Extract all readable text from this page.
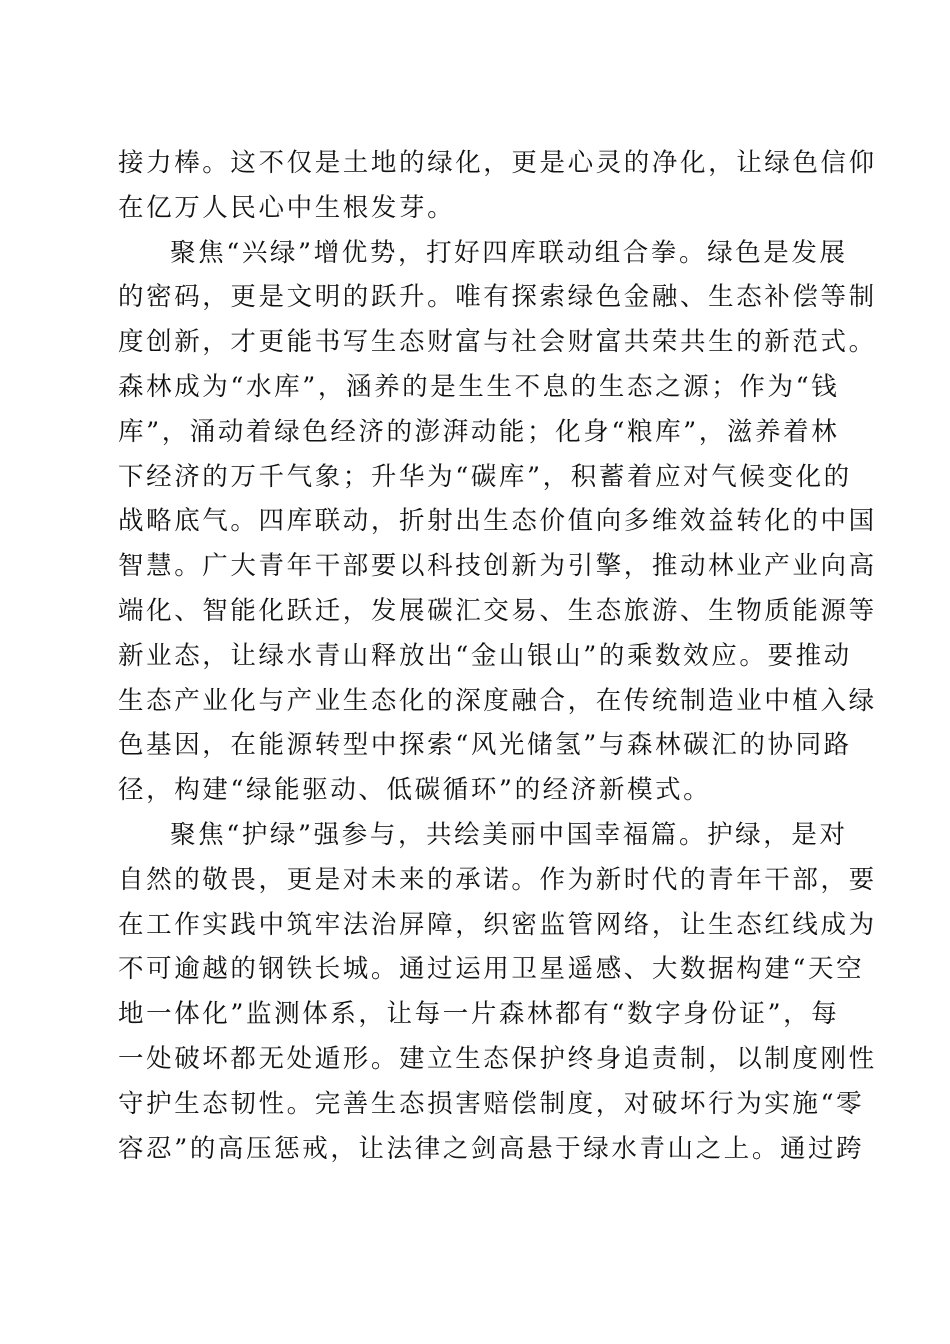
接力棒。这不仅是土地的绿化，更是心灵的净化，让绿色信仰
在亿万人民心中生根发芽。
聚焦“兴绿”增优势，打好四库联动组合拳。绿色是发展
的密码，更是文明的跃升。唯有探索绿色金融、生态补偿等制
度创新，才更能书写生态财富与社会财富共荣共生的新范式。
森林成为“水库”，涵养的是生生不息的生态之源；作为“钱
库”，涌动着绿色经济的澎湃动能；化身“粮库”，滋养着林
下经济的万千气象；升华为“碳库”，积蓄着应对气候变化的
战略底气。四库联动，折射出生态价值向多维效益转化的中国
智慧。广大青年干部要以科技创新为引擎，推动林业产业向高
端化、智能化跃迁，发展碳汇交易、生态旅游、生物质能源等
新业态，让绿水青山释放出“金山银山”的乘数效应。要推动
生态产业化与产业生态化的深度融合，在传统制造业中植入绿
色基因，在能源转型中探索“风光储氢”与森林碳汇的协同路
径，构建“绿能驱动、低碳循环”的经济新模式。
聚焦“护绿”强参与，共绘美丽中国幸福篇。护绿，是对
自然的敬畏，更是对未来的承诺。作为新时代的青年干部，要
在工作实践中筑牢法治屏障，织密监管网络，让生态红线成为
不可逾越的钢铁长城。通过运用卫星遥感、大数据构建“天空
地一体化”监测体系，让每一片森林都有“数字身份证”，每
一处破坏都无处遁形。建立生态保护终身追责制，以制度刚性
守护生态韧性。完善生态损害赔偿制度，对破坏行为实施“零
容忍”的高压惩戒，让法律之剑高悬于绿水青山之上。通过跨
